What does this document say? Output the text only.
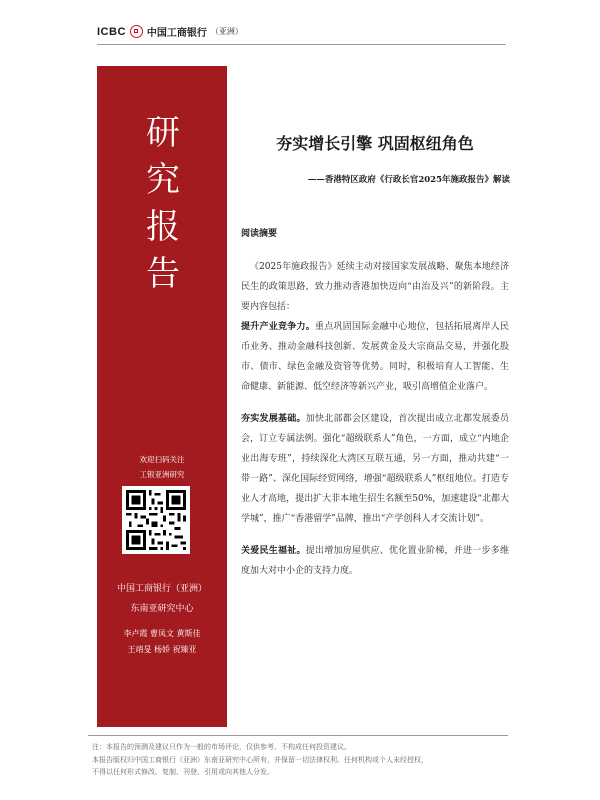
ICBC 中国工商银行 （亚洲）
研
究
报
告
欢迎扫码关注
工银亚洲研究
中国工商银行（亚洲）
东南亚研究中心
李卢霞 曹凤文 黄斯佳
王靖旻 杨娇 祝臻亚
夯实增长引擎 巩固枢纽角色
——香港特区政府《行政长官2025年施政报告》解读
阅读摘要

《2025年施政报告》延续主动对接国家发展战略、聚焦本地经济民生的政策思路，致力推动香港加快迈向“由治及兴”的新阶段。主要内容包括：

提升产业竞争力。重点巩固国际金融中心地位，包括拓展离岸人民币业务、推动金融科技创新、发展黄金及大宗商品交易，并强化股市、债市、绿色金融及资管等优势。同时，积极培育人工智能、生命健康、新能源、低空经济等新兴产业，吸引高增值企业落户。

夯实发展基础。加快北部都会区建设，首次提出成立北都发展委员会，订立专属法例。强化“超级联系人”角色，一方面，成立“内地企业出海专班”，持续深化大湾区互联互通，另一方面，推动共建“一带一路”、深化国际经贸网络，增强“超级联系人”枢纽地位。打造专业人才高地，提出扩大非本地生招生名额至50%，加速建设“北都大学城”，推广“香港留学”品牌，推出“产学创科人才交流计划”。

关爱民生福祉。提出增加房屋供应、优化置业阶梯，并进一步多维度加大对中小企的支持力度。

注：本报告的预测及建议只作为一般的市场评论，仅供参考，不构成任何投资建议。
本报告版权归中国工商银行（亚洲）东南亚研究中心所有，并保留一切法律权利。任何机构或个人未经授权，
不得以任何形式修改、复制、刊登、引用或向其他人分发。
